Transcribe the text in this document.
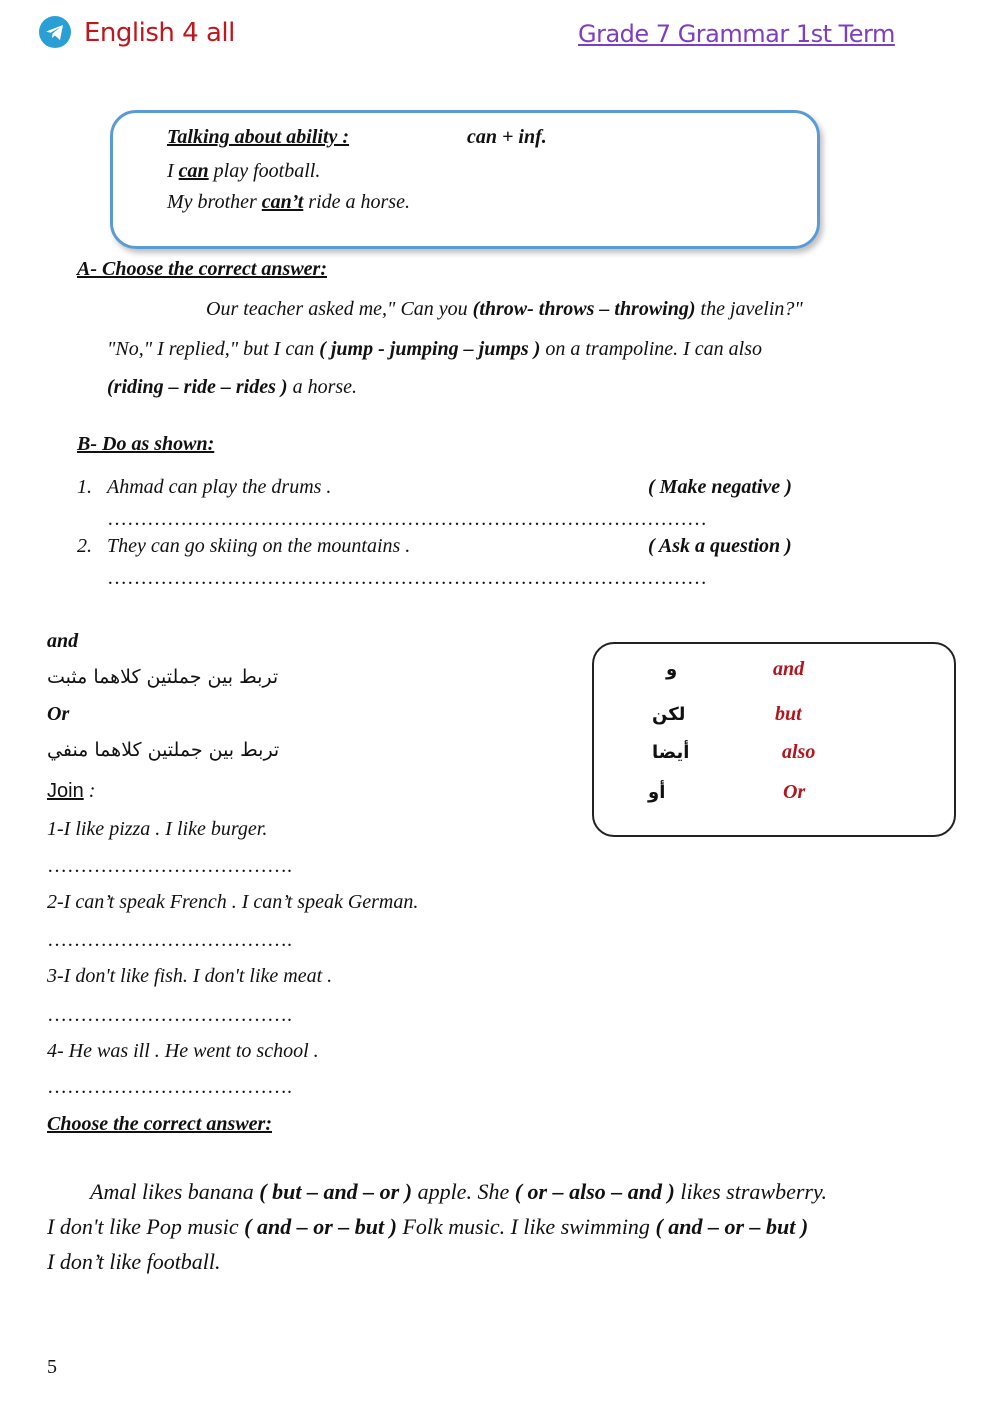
English 4 all	Grade 7 Grammar 1st Term
Talking about ability :	can + inf.
I can play football.
My brother can’t ride a horse.
A- Choose the correct answer:
Our teacher asked me," Can you (throw- throws – throwing) the javelin?"
"No," I replied," but I can ( jump - jumping – jumps ) on a trampoline. I can also
(riding – ride – rides ) a horse.
B- Do as shown:
1. Ahmad can play the drums .	( Make negative )
………………………………………………………………………………
2. They can go skiing on the mountains .	( Ask a question )
………………………………………………………………………………
and
تربط بين جملتين كلاهما مثبت
Or
تربط بين جملتين كلاهما منفي
Join :
و	and
لكن	but
أيضا	also
أو	Or
1-I like pizza . I like burger.
……………………………….
2-I can’t speak French . I can’t speak German.
……………………………….
3-I don't like fish. I don't like meat .
……………………………….
4- He was ill . He went to school .
……………………………….
Choose the correct answer:
Amal likes banana ( but – and – or ) apple. She ( or – also – and ) likes strawberry.
I don't like Pop music ( and – or – but ) Folk music. I like swimming ( and – or – but )
I don’t like football.
5
